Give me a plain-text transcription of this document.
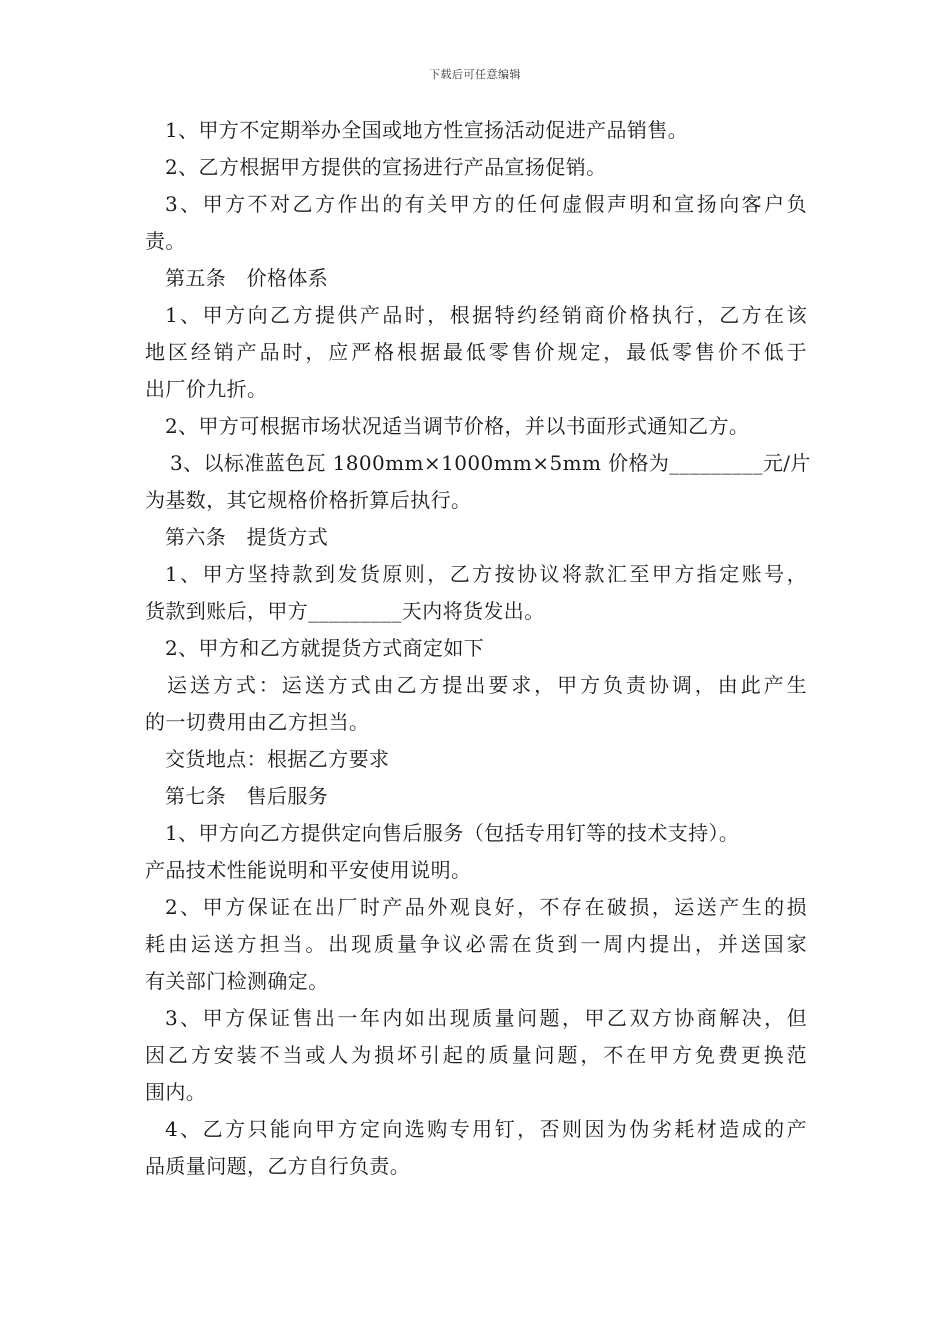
下载后可任意编辑
1、甲方不定期举办全国或地方性宣扬活动促进产品销售。
2、乙方根据甲方提供的宣扬进行产品宣扬促销。
3、甲方不对乙方作出的有关甲方的任何虚假声明和宣扬向客户负
责。
第五条　价格体系
1、甲方向乙方提供产品时，根据特约经销商价格执行，乙方在该
地区经销产品时，应严格根据最低零售价规定，最低零售价不低于
出厂价九折。
2、甲方可根据市场状况适当调节价格，并以书面形式通知乙方。
3、以标准蓝色瓦 1800mm×1000mm×5mm 价格为_________元/片
为基数，其它规格价格折算后执行。
第六条　提货方式
1、甲方坚持款到发货原则，乙方按协议将款汇至甲方指定账号，
货款到账后，甲方_________天内将货发出。
2、甲方和乙方就提货方式商定如下
运送方式：运送方式由乙方提出要求，甲方负责协调，由此产生
的一切费用由乙方担当。
交货地点：根据乙方要求
第七条　售后服务
1、甲方向乙方提供定向售后服务（包括专用钉等的技术支持）。
产品技术性能说明和平安使用说明。
2、甲方保证在出厂时产品外观良好，不存在破损，运送产生的损
耗由运送方担当。出现质量争议必需在货到一周内提出，并送国家
有关部门检测确定。
3、甲方保证售出一年内如出现质量问题，甲乙双方协商解决，但
因乙方安装不当或人为损坏引起的质量问题，不在甲方免费更换范
围内。
4、乙方只能向甲方定向选购专用钉，否则因为伪劣耗材造成的产
品质量问题，乙方自行负责。
